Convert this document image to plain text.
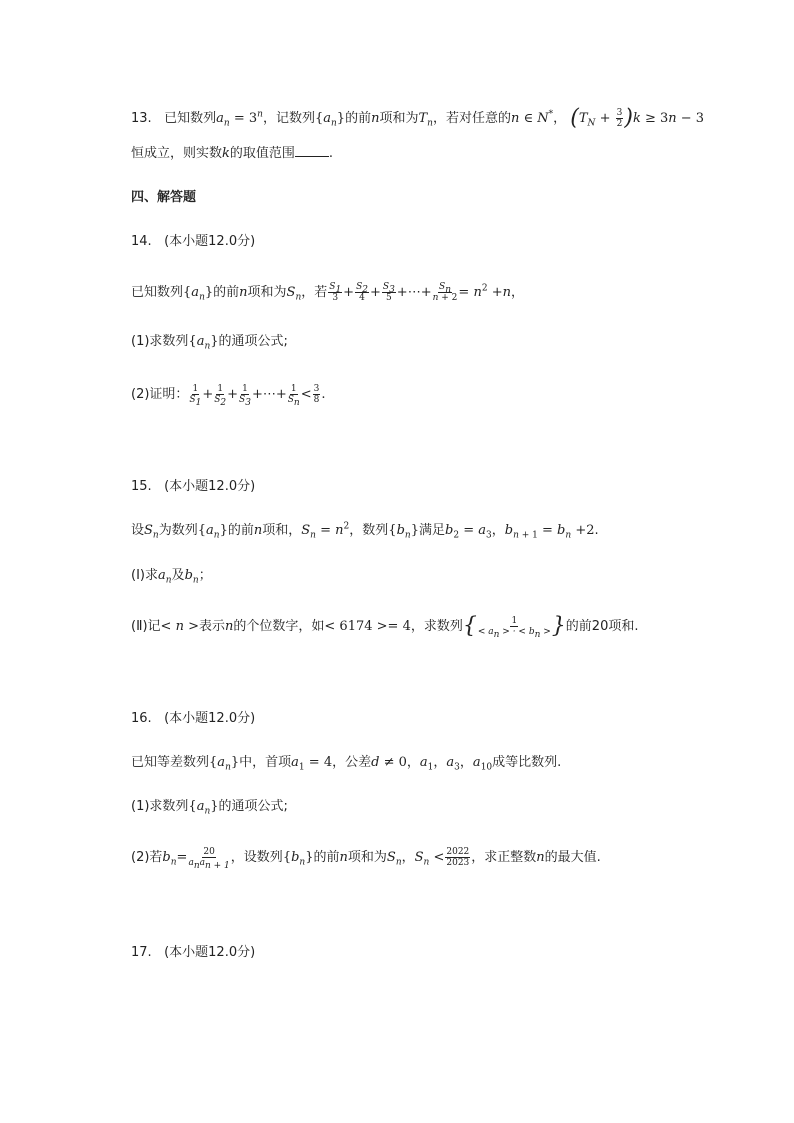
13. 已知数列$a_n = 3^n$，记数列$\{a_n\}$的前n项和为$T_n$，若对任意的n ∈ N*， $(T_N + \frac{3}{2} )k \ge 3n - 3$
恒成立，则实数k的取值范围	.
四、解答题
14. (本小题12.0分)
已知数列$\{a_n\}$的前n项和为$S_n$，若 $\frac{S_1}{3} + \frac{S_2}{4} + \frac{S_3}{5}$ +⋯+ $\frac{S_n}{n + 2} = n^2 +n$，
(1)求数列$\{a_n\}$的通项公式;
(2)证明： $\frac{1}{S_1} + \frac{1}{S_2} + \frac{1}{S_3}$ +⋯+ $\frac{1}{S_n} < \frac{3}{8}$ .
15. (本小题12.0分)
设$S_n$为数列$\{a_n\}$的前n项和，$S_n = n^2$，数列$\{b_n\}$满足$b_2 = a_3$，$b_{n + 1} = b_n +2$.
(Ⅰ)求$a_n$及$b_n$；
(Ⅱ)记< n >表示n的个位数字，如< 6174 >= 4，求数列{ $\frac{1}{< a_n > \cdot < b_n >}$ }的前20项和.
16. (本小题12.0分)
已知等差数列$\{a_n\}$中，首项$a_1 = 4$，公差d ≠ 0，$a_1$，$a_3$，$a_{10}$成等比数列.
(1)求数列$\{a_n\}$的通项公式;
(2)若$b_n= \frac{20}{a_na_{n + 1}}$ ，设数列$\{b_n\}$的前n项和为$S_n$，$S_n < \frac{2022}{2023}$ ，求正整数n的最大值.
17. (本小题12.0分)
